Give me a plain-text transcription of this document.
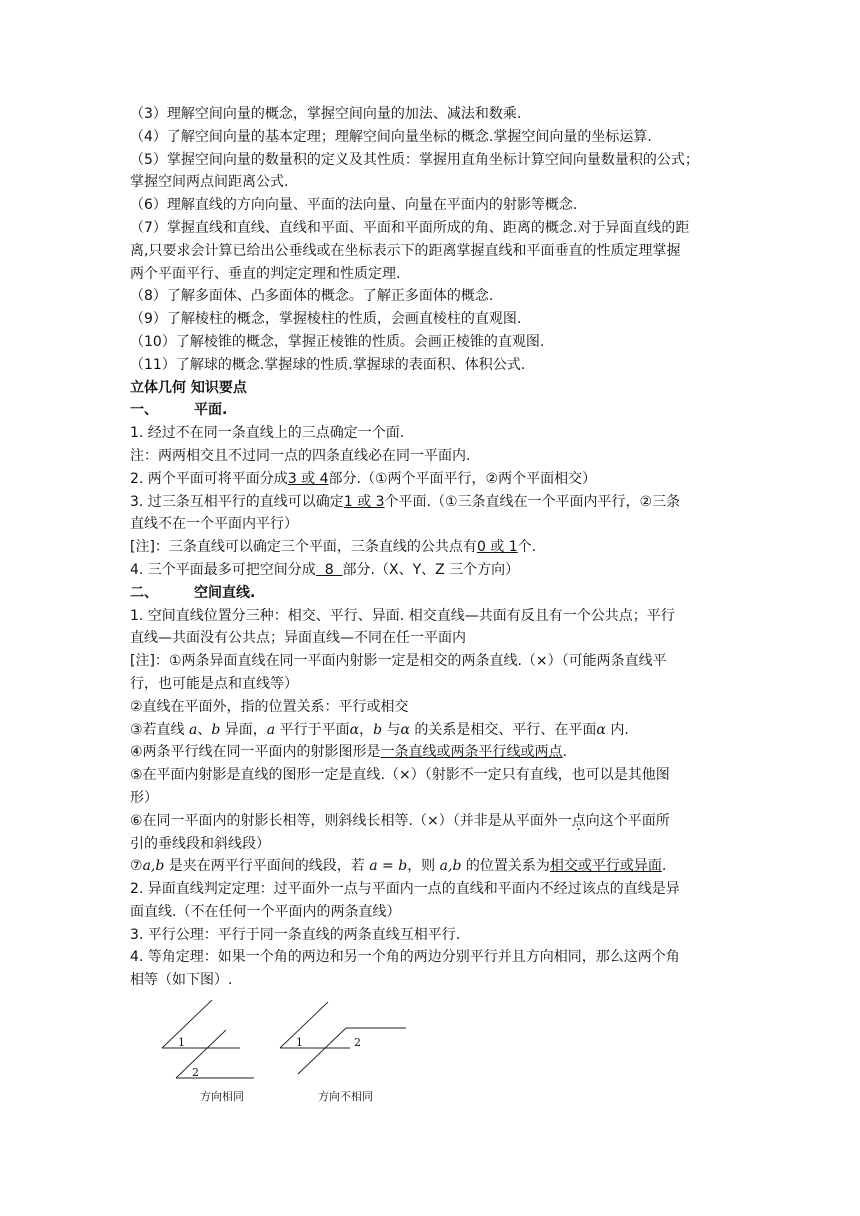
（3）理解空间向量的概念，掌握空间向量的加法、减法和数乘.

（4）了解空间向量的基本定理；理解空间向量坐标的概念.掌握空间向量的坐标运算.

（5）掌握空间向量的数量积的定义及其性质：掌握用直角坐标计算空间向量数量积的公式；

掌握空间两点间距离公式.

（6）理解直线的方向向量、平面的法向量、向量在平面内的射影等概念.

（7）掌握直线和直线、直线和平面、平面和平面所成的角、距离的概念.对于异面直线的距

离,只要求会计算已给出公垂线或在坐标表示下的距离掌握直线和平面垂直的性质定理掌握

两个平面平行、垂直的判定定理和性质定理.

（8）了解多面体、凸多面体的概念。了解正多面体的概念.

（9）了解棱柱的概念，掌握棱柱的性质，会画直棱柱的直观图.

（10）了解棱锥的概念，掌握正棱锥的性质。会画正棱锥的直观图.

（11）了解球的概念.掌握球的性质.掌握球的表面积、体积公式.

立体几何 知识要点

一、	平面.

1. 经过不在同一条直线上的三点确定一个面.

注：两两相交且不过同一点的四条直线必在同一平面内.

2. 两个平面可将平面分成3 或 4部分.（①两个平面平行，②两个平面相交）

3. 过三条互相平行的直线可以确定1 或 3个平面.（①三条直线在一个平面内平行，②三条

直线不在一个平面内平行）

[注]：三条直线可以确定三个平面，三条直线的公共点有0 或 1个.

4. 三个平面最多可把空间分成  8  部分.（X、Y、Z 三个方向）

二、	空间直线.

1. 空间直线位置分三种：相交、平行、异面. 相交直线—共面有反且有一个公共点；平行

直线—共面没有公共点；异面直线—不同在任一平面内

[注]：①两条异面直线在同一平面内射影一定是相交的两条直线.（×）（可能两条直线平

行，也可能是点和直线等）

②直线在平面外，指的位置关系：平行或相交

③若直线 a、b 异面，a 平行于平面α，b 与α 的关系是相交、平行、在平面α 内.

④两条平行线在同一平面内的射影图形是一条直线或两条平行线或两点.

⑤在平面内射影是直线的图形一定是直线.（×）（射影不一定只有直线，也可以是其他图

形）

⑥在同一平面内的射影长相等，则斜线长相等.（×）（并非是从平面外一点向这个平面所

引的垂线段和斜线段）

⑦a,b 是夹在两平行平面间的线段，若 a = b，则 a,b 的位置关系为相交或平行或异面.

2. 异面直线判定定理：过平面外一点与平面内一点的直线和平面内不经过该点的直线是异

面直线.（不在任何一个平面内的两条直线）

3. 平行公理：平行于同一条直线的两条直线互相平行.

4. 等角定理：如果一个角的两边和另一个角的两边分别平行并且方向相同，那么这两个角

相等（如下图）.

1
2
方向相同
1	2
方向不相同
